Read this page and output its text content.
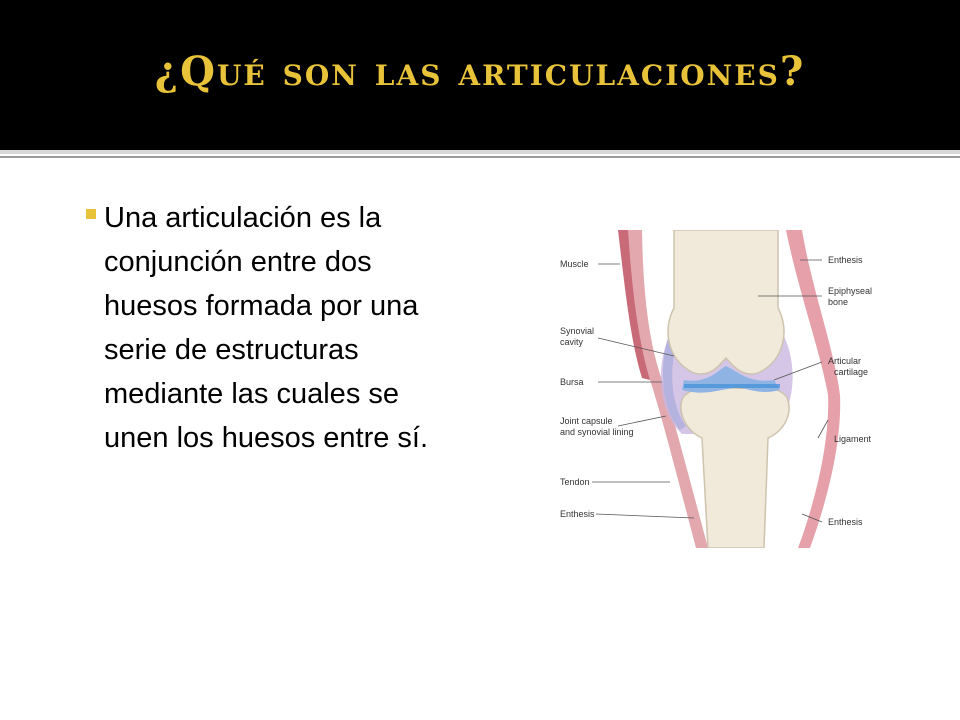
¿Qué son las articulaciones?
Una articulación es la conjunción entre dos huesos formada por una serie de estructuras mediante las cuales se unen los huesos entre sí.
Muscle
Synovial
cavity
Bursa
Joint capsule
and synovial lining
Tendon
Enthesis
Enthesis
Epiphyseal
bone
Articular
cartilage
Ligament
Enthesis
